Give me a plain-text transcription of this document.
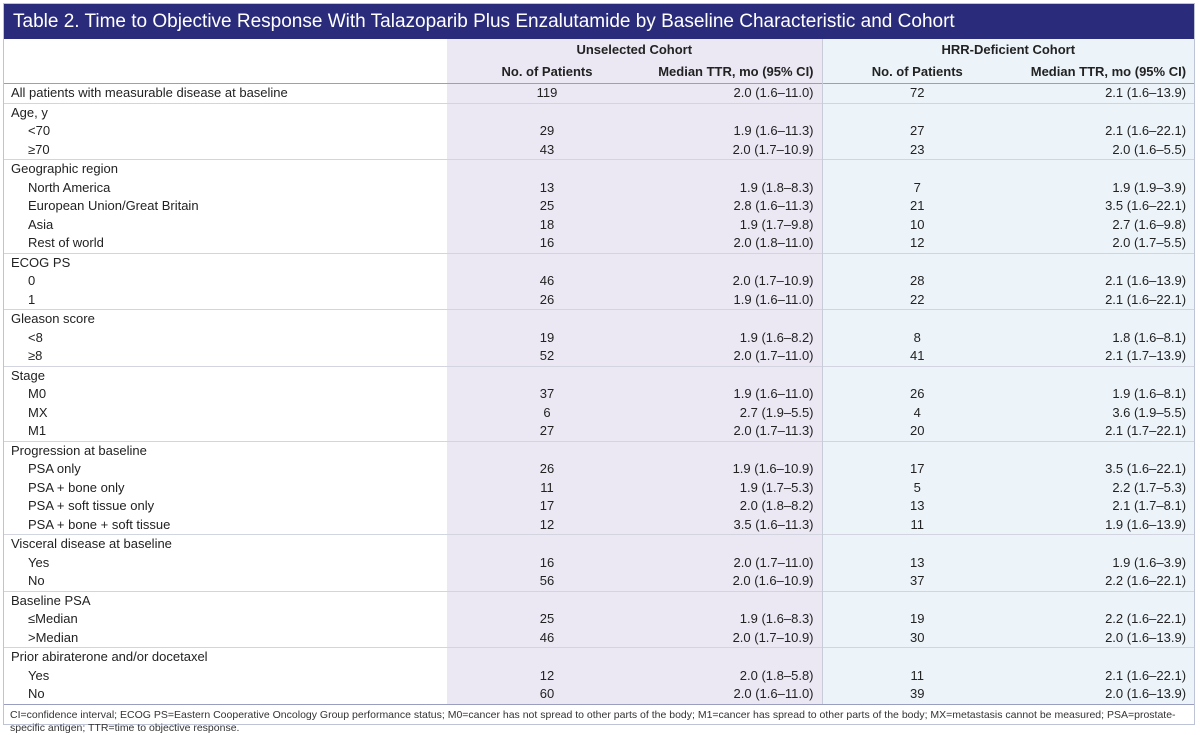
Table 2. Time to Objective Response With Talazoparib Plus Enzalutamide by Baseline Characteristic and Cohort
	Unselected Cohort		HRR-Deficient Cohort	
	No. of Patients	Median TTR, mo (95% CI)	No. of Patients	Median TTR, mo (95% CI)
All patients with measurable disease at baseline	119	2.0 (1.6–11.0)	72	2.1 (1.6–13.9)
Age, y				
<70	29	1.9 (1.6–11.3)	27	2.1 (1.6–22.1)
≥70	43	2.0 (1.7–10.9)	23	2.0 (1.6–5.5)
Geographic region				
North America	13	1.9 (1.8–8.3)	7	1.9 (1.9–3.9)
European Union/Great Britain	25	2.8 (1.6–11.3)	21	3.5 (1.6–22.1)
Asia	18	1.9 (1.7–9.8)	10	2.7 (1.6–9.8)
Rest of world	16	2.0 (1.8–11.0)	12	2.0 (1.7–5.5)
ECOG PS				
0	46	2.0 (1.7–10.9)	28	2.1 (1.6–13.9)
1	26	1.9 (1.6–11.0)	22	2.1 (1.6–22.1)
Gleason score				
<8	19	1.9 (1.6–8.2)	8	1.8 (1.6–8.1)
≥8	52	2.0 (1.7–11.0)	41	2.1 (1.7–13.9)
Stage				
M0	37	1.9 (1.6–11.0)	26	1.9 (1.6–8.1)
MX	6	2.7 (1.9–5.5)	4	3.6 (1.9–5.5)
M1	27	2.0 (1.7–11.3)	20	2.1 (1.7–22.1)
Progression at baseline				
PSA only	26	1.9 (1.6–10.9)	17	3.5 (1.6–22.1)
PSA + bone only	11	1.9 (1.7–5.3)	5	2.2 (1.7–5.3)
PSA + soft tissue only	17	2.0 (1.8–8.2)	13	2.1 (1.7–8.1)
PSA + bone + soft tissue	12	3.5 (1.6–11.3)	11	1.9 (1.6–13.9)
Visceral disease at baseline				
Yes	16	2.0 (1.7–11.0)	13	1.9 (1.6–3.9)
No	56	2.0 (1.6–10.9)	37	2.2 (1.6–22.1)
Baseline PSA				
≤Median	25	1.9 (1.6–8.3)	19	2.2 (1.6–22.1)
>Median	46	2.0 (1.7–10.9)	30	2.0 (1.6–13.9)
Prior abiraterone and/or docetaxel				
Yes	12	2.0 (1.8–5.8)	11	2.1 (1.6–22.1)
No	60	2.0 (1.6–11.0)	39	2.0 (1.6–13.9)
CI=confidence interval; ECOG PS=Eastern Cooperative Oncology Group performance status; M0=cancer has not spread to other parts of the body; M1=cancer has spread to other parts of the body; MX=metastasis cannot be measured; PSA=prostate-specific antigen; TTR=time to objective response.
